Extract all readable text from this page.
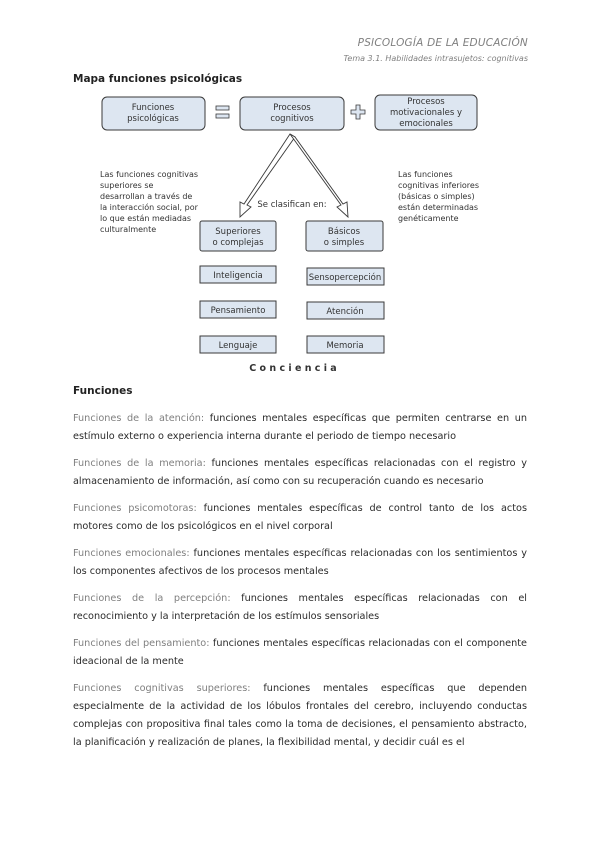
PSICOLOGÍA DE LA EDUCACIÓN
Tema 3.1. Habilidades intrasujetos: cognitivas
Mapa funciones psicológicas
Funciones
psicológicas
Procesos
cognitivos
Procesos
motivacionales y
emocionales
Se clasifican en:
Las funciones cognitivas
superiores se
desarrollan a través de
la interacción social, por
lo que están mediadas
culturalmente
Las funciones
cognitivas inferiores
(básicas o simples)
están determinadas
genéticamente
Superiores
o complejas
Básicos
o simples
Inteligencia
Pensamiento
Lenguaje
Sensopercepción
Atención
Memoria
C o n c i e n c i a
Funciones

Funciones de la atención: funciones mentales específicas que permiten centrarse en un estímulo externo o experiencia interna durante el periodo de tiempo necesario

Funciones de la memoria: funciones mentales específicas relacionadas con el registro y almacenamiento de información, así como con su recuperación cuando es necesario

Funciones psicomotoras: funciones mentales específicas de control tanto de los actos motores como de los psicológicos en el nivel corporal

Funciones emocionales: funciones mentales específicas relacionadas con los sentimientos y los componentes afectivos de los procesos mentales

Funciones de la percepción: funciones mentales específicas relacionadas con el reconocimiento y la interpretación de los estímulos sensoriales

Funciones del pensamiento: funciones mentales específicas relacionadas con el componente ideacional de la mente

Funciones cognitivas superiores: funciones mentales específicas que dependen especialmente de la actividad de los lóbulos frontales del cerebro, incluyendo conductas complejas con propositiva final tales como la toma de decisiones, el pensamiento abstracto, la planificación y realización de planes, la flexibilidad mental, y decidir cuál es el
